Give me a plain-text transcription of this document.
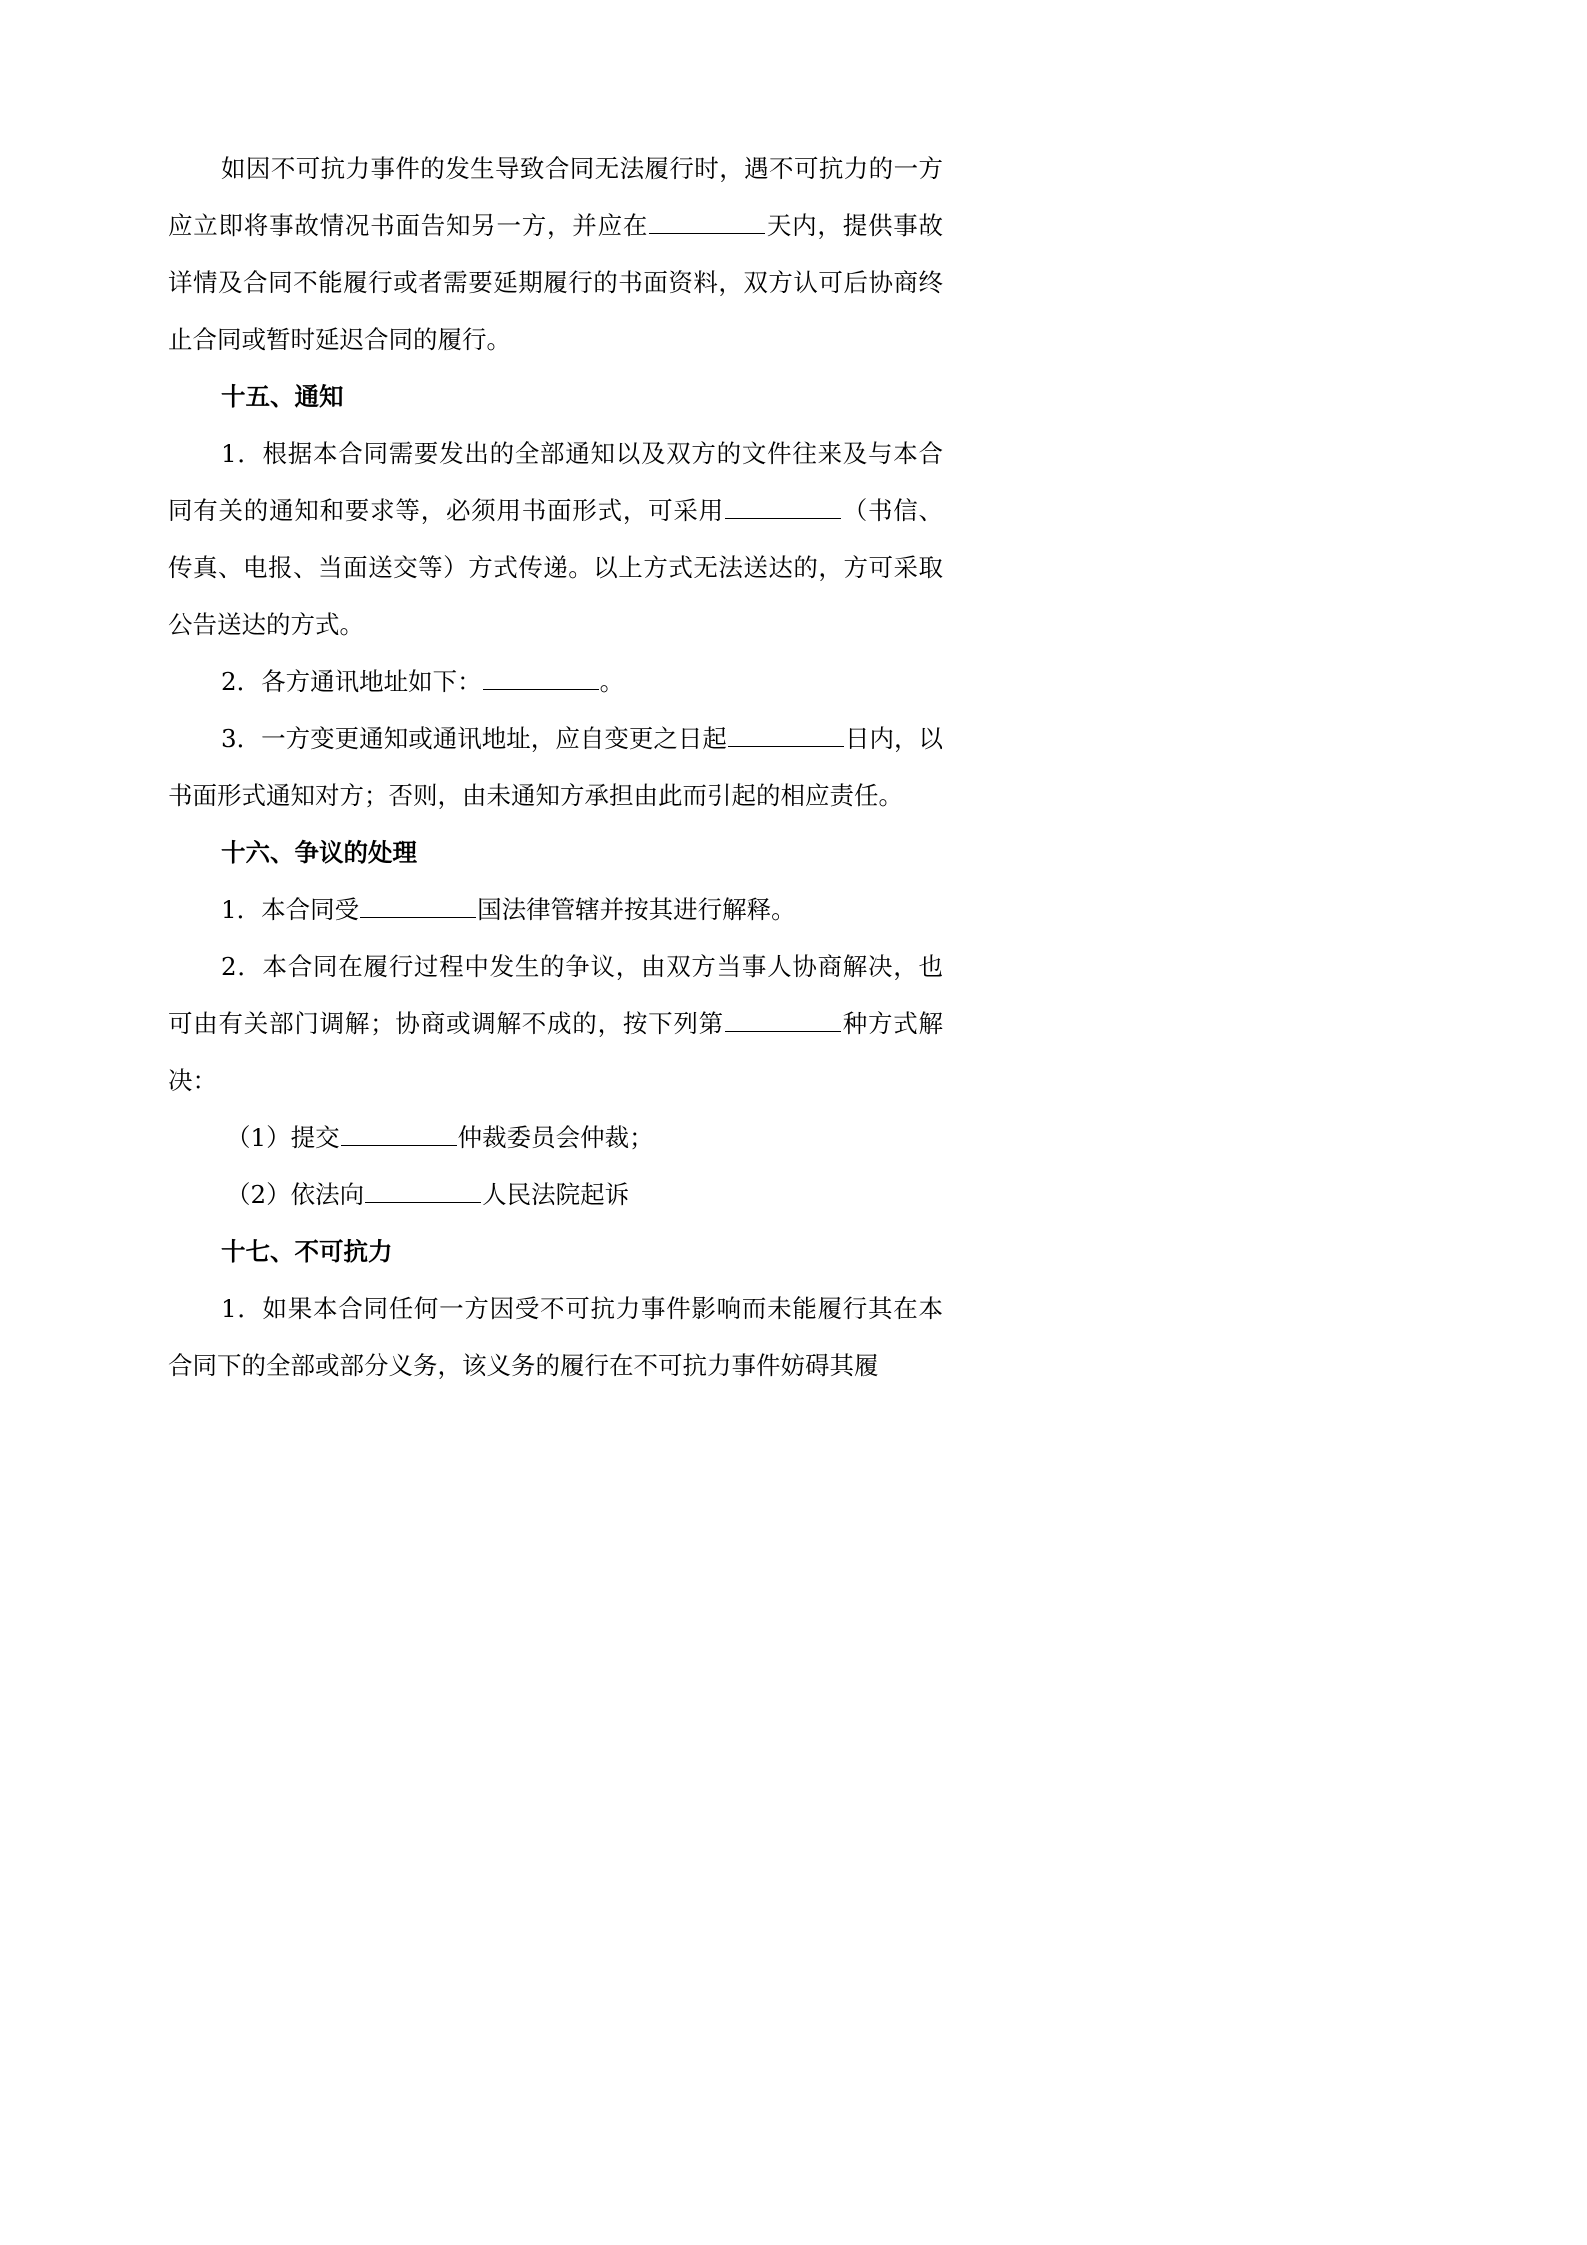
如因不可抗力事件的发生导致合同无法履行时，遇不可抗力的一方应立即将事故情况书面告知另一方，并应在	天内，提供事故详情及合同不能履行或者需要延期履行的书面资料，双方认可后协商终止合同或暂时延迟合同的履行。

十五、通知

1．根据本合同需要发出的全部通知以及双方的文件往来及与本合同有关的通知和要求等，必须用书面形式，可采用	（书信、传真、电报、当面送交等）方式传递。以上方式无法送达的，方可采取公告送达的方式。

2．各方通讯地址如下：	。

3．一方变更通知或通讯地址，应自变更之日起	日内，以书面形式通知对方；否则，由未通知方承担由此而引起的相应责任。

十六、争议的处理

1．本合同受	国法律管辖并按其进行解释。

2．本合同在履行过程中发生的争议，由双方当事人协商解决，也可由有关部门调解；协商或调解不成的，按下列第	种方式解决：

（1）提交	仲裁委员会仲裁；

（2）依法向	人民法院起诉

十七、不可抗力

1．如果本合同任何一方因受不可抗力事件影响而未能履行其在本合同下的全部或部分义务，该义务的履行在不可抗力事件妨碍其履
